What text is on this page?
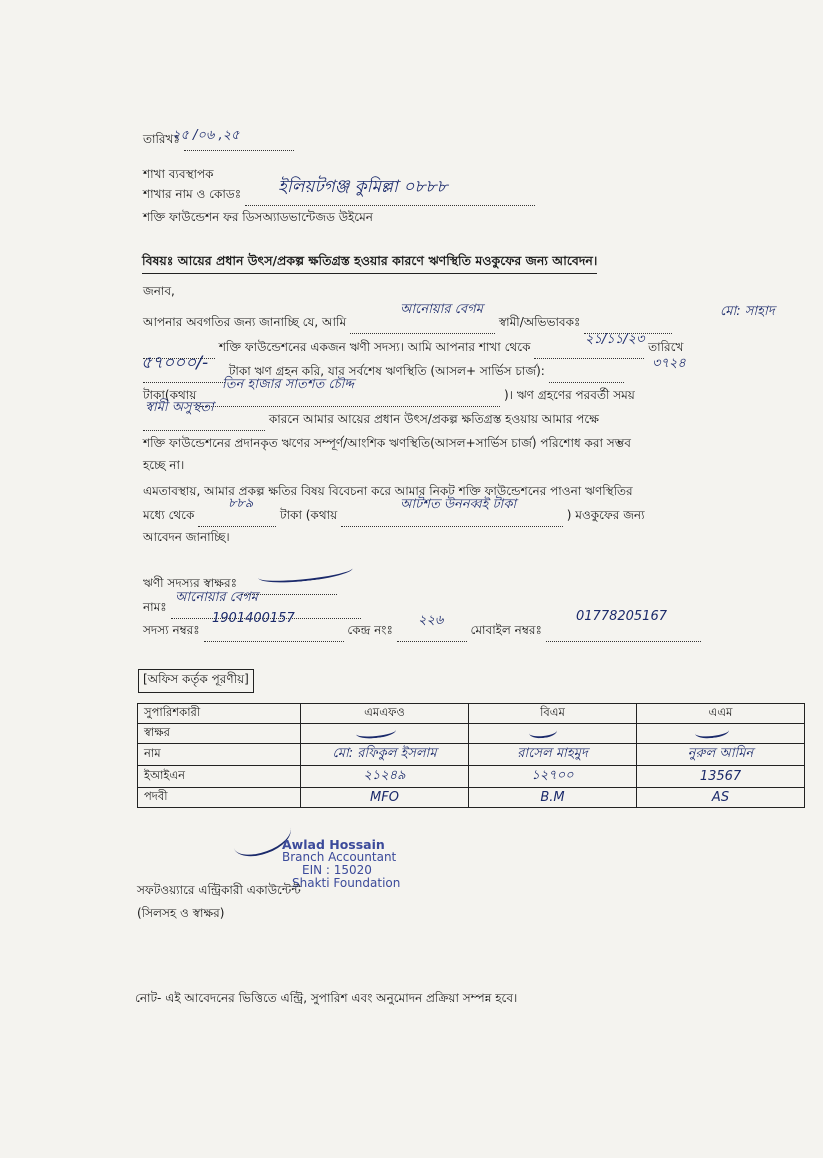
তারিখঃ
২৫ /০৬ ,২৫
শাখা ব্যবস্থাপক
শাখার নাম ও কোডঃ	ইলিয়টগঞ্জ কুমিল্লা ০৮৮৮
শক্তি ফাউন্ডেশন ফর ডিসঅ্যাডভান্টেজড উইমেন
বিষয়ঃ আয়ের প্রধান উৎস/প্রকল্প ক্ষতিগ্রস্ত হওয়ার কারণে ঋণস্থিতি মওকুফের জন্য আবেদন।
জনাব,
আপনার অবগতির জন্য জানাচ্ছি যে, আমি	স্বামী/অভিভাবকঃ
আনোয়ার বেগম	মো: সাহাদ
শক্তি ফাউন্ডেশনের একজন ঋণী সদস্য। আমি আপনার শাখা থেকে	তারিখে
২১/১১/২৩
টাকা ঋণ গ্রহন করি, যার সর্বশেষ ঋণস্থিতি (আসল+ সার্ভিস চার্জ):
৫৭০০০/-	৩৭২৪
টাকা(কথায়	)। ঋণ গ্রহণের পরবর্তী সময়
তিন হাজার সাতশত চৌদ্দ
কারনে আমার আয়ের প্রধান উৎস/প্রকল্প ক্ষতিগ্রস্ত হওয়ায় আমার পক্ষে
স্বামী অসুস্থতা
শক্তি ফাউন্ডেশনের প্রদানকৃত ঋণের সম্পূর্ণ/আংশিক ঋণস্থিতি(আসল+সার্ভিস চার্জ) পরিশোধ করা সম্ভব
হচ্ছে না।
এমতাবস্থায়, আমার প্রকল্প ক্ষতির বিষয় বিবেচনা করে আমার নিকট শক্তি ফাউন্ডেশনের পাওনা ঋণস্থিতির
মধ্যে থেকে	টাকা (কথায়	) মওকুফের জন্য
৮৮৯	আটশত উননব্বই টাকা
আবেদন জানাচ্ছি।
ঋণী সদস্যর স্বাক্ষরঃ
নামঃ
আনোয়ার বেগম
সদস্য নম্বরঃ	কেন্দ্র নংঃ	মোবাইল নম্বরঃ
1901400157	২২৬	01778205167
[অফিস কর্তৃক পূরণীয়]
সুপারিশকারী	এমএফও	বিএম	এএম
স্বাক্ষর	

নাম	মো: রফিকুল ইসলাম	রাসেল মাহমুদ	নুরুল আমিন
ইআইএন	২১২৪৯	১২৭০০	13567
পদবী	MFO	B.M	AS
Awlad Hossain
Branch Accountant
EIN : 15020
Shakti Foundation
সফটওয়্যারে এন্ট্রিকারী একাউন্টেন্ট
(সিলসহ ও স্বাক্ষর)
নোট- এই আবেদনের ভিত্তিতে এন্ট্রি, সুপারিশ এবং অনুমোদন প্রক্রিয়া সম্পন্ন হবে।
